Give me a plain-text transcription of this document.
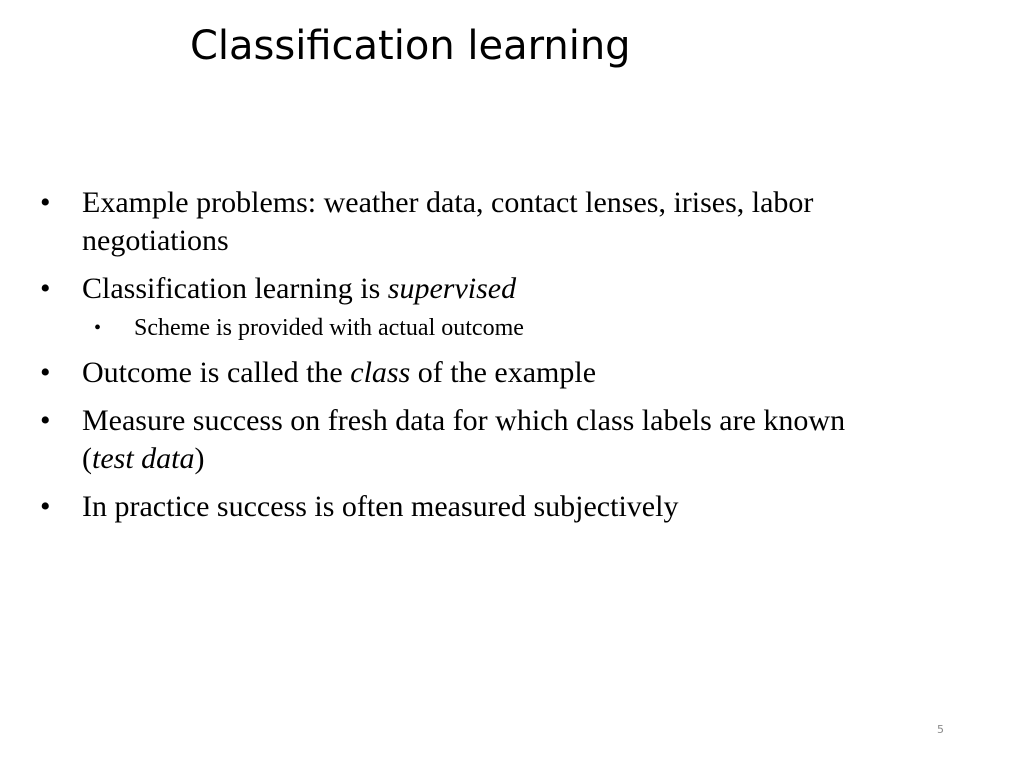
Classification learning
•	Example problems: weather data, contact lenses, irises, labor negotiations
•	Classification learning is supervised
•	Scheme is provided with actual outcome
•	Outcome is called the class of the example
•	Measure success on fresh data for which class labels are known (test data)
•	In practice success is often measured subjectively
5
